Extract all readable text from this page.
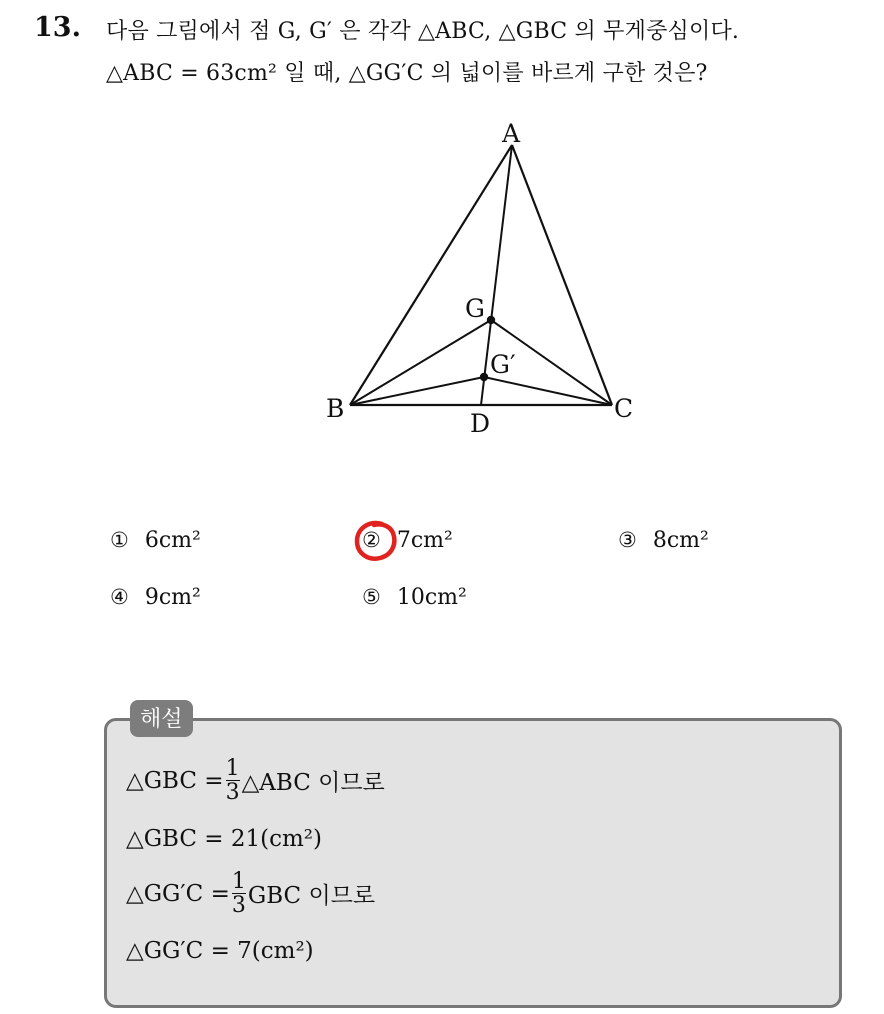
13. 다음 그림에서 점 G, G′ 은 각각 △ABC, △GBC 의 무게중심이다.
△ABC = 63cm² 일 때, △GG′C 의 넓이를 바르게 구한 것은?
A
B	C
D
G
G′
① 6cm²	② 7cm²	③ 8cm²
④ 9cm²	⑤ 10cm²
해설
△GBC = $\frac{1}{3}$ △ABC 이므로
△GBC = 21(cm²)
△GG′C = $\frac{1}{3}$ GBC 이므로
△GG′C = 7(cm²)
